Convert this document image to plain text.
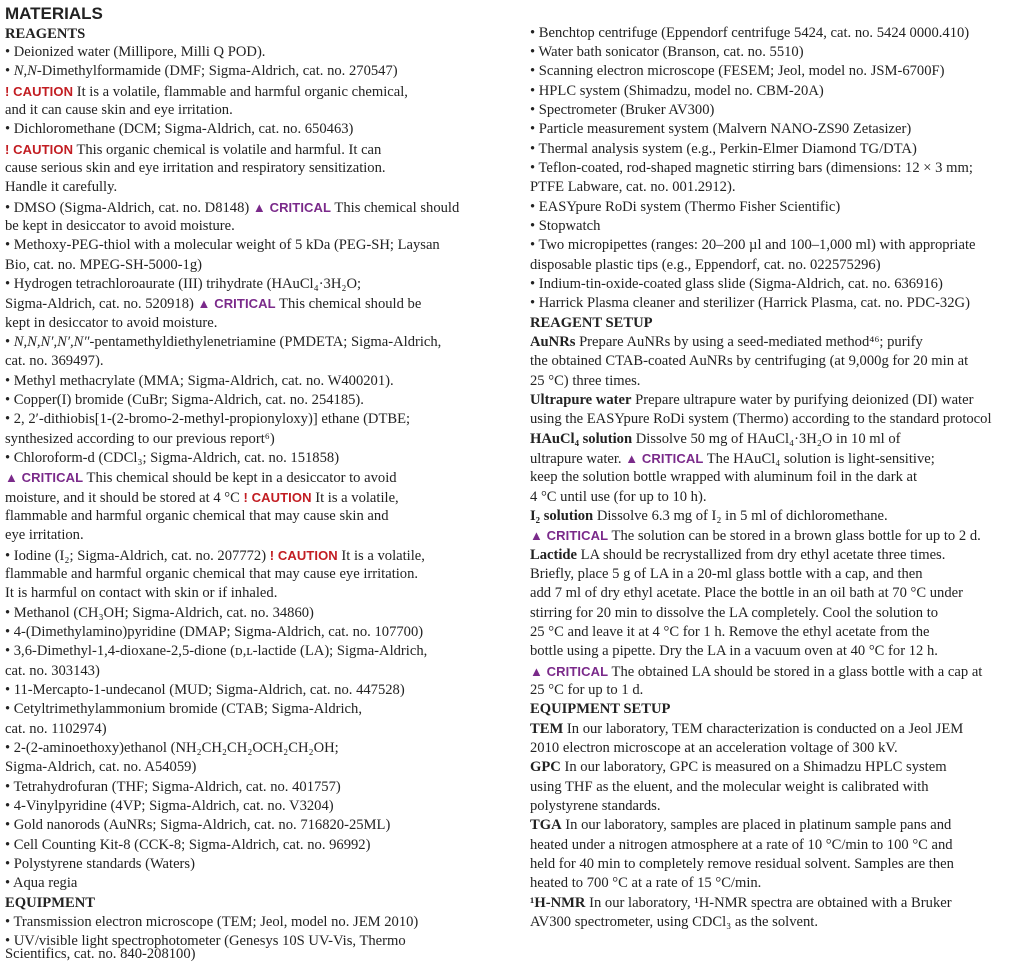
MATERIALS
REAGENTS
• Deionized water (Millipore, Milli Q POD).
• N,N-Dimethylformamide (DMF; Sigma-Aldrich, cat. no. 270547)
! CAUTION It is a volatile, flammable and harmful organic chemical,
and it can cause skin and eye irritation.
• Dichloromethane (DCM; Sigma-Aldrich, cat. no. 650463)
! CAUTION This organic chemical is volatile and harmful. It can
cause serious skin and eye irritation and respiratory sensitization.
Handle it carefully.
• DMSO (Sigma-Aldrich, cat. no. D8148) ▲ CRITICAL This chemical should
be kept in desiccator to avoid moisture.
• Methoxy-PEG-thiol with a molecular weight of 5 kDa (PEG-SH; Laysan
Bio, cat. no. MPEG-SH-5000-1g)
• Hydrogen tetrachloroaurate (III) trihydrate (HAuCl₄·3H₂O;
Sigma-Aldrich, cat. no. 520918) ▲ CRITICAL This chemical should be
kept in desiccator to avoid moisture.
• N,N,N′,N′,N″-pentamethyldiethylenetriamine (PMDETA; Sigma-Aldrich,
cat. no. 369497).
• Methyl methacrylate (MMA; Sigma-Aldrich, cat. no. W400201).
• Copper(I) bromide (CuBr; Sigma-Aldrich, cat. no. 254185).
• 2, 2′-dithiobis[1-(2-bromo-2-methyl-propionyloxy)] ethane (DTBE;
synthesized according to our previous report⁶)
• Chloroform-d (CDCl₃; Sigma-Aldrich, cat. no. 151858)
▲ CRITICAL This chemical should be kept in a desiccator to avoid
moisture, and it should be stored at 4 °C ! CAUTION It is a volatile,
flammable and harmful organic chemical that may cause skin and
eye irritation.
• Iodine (I₂; Sigma-Aldrich, cat. no. 207772) ! CAUTION It is a volatile,
flammable and harmful organic chemical that may cause eye irritation.
It is harmful on contact with skin or if inhaled.
• Methanol (CH₃OH; Sigma-Aldrich, cat. no. 34860)
• 4-(Dimethylamino)pyridine (DMAP; Sigma-Aldrich, cat. no. 107700)
• 3,6-Dimethyl-1,4-dioxane-2,5-dione (ᴅ,ʟ-lactide (LA); Sigma-Aldrich,
cat. no. 303143)
• 11-Mercapto-1-undecanol (MUD; Sigma-Aldrich, cat. no. 447528)
• Cetyltrimethylammonium bromide (CTAB; Sigma-Aldrich,
cat. no. 1102974)
• 2-(2-aminoethoxy)ethanol (NH₂CH₂CH₂OCH₂CH₂OH;
Sigma-Aldrich, cat. no. A54059)
• Tetrahydrofuran (THF; Sigma-Aldrich, cat. no. 401757)
• 4-Vinylpyridine (4VP; Sigma-Aldrich, cat. no. V3204)
• Gold nanorods (AuNRs; Sigma-Aldrich, cat. no. 716820-25ML)
• Cell Counting Kit-8 (CCK-8; Sigma-Aldrich, cat. no. 96992)
• Polystyrene standards (Waters)
• Aqua regia
EQUIPMENT
• Transmission electron microscope (TEM; Jeol, model no. JEM 2010)
• UV/visible light spectrophotometer (Genesys 10S UV-Vis, Thermo
Scientifics, cat. no. 840-208100)
• Benchtop centrifuge (Eppendorf centrifuge 5424, cat. no. 5424 0000.410)
• Water bath sonicator (Branson, cat. no. 5510)
• Scanning electron microscope (FESEM; Jeol, model no. JSM-6700F)
• HPLC system (Shimadzu, model no. CBM-20A)
• Spectrometer (Bruker AV300)
• Particle measurement system (Malvern NANO-ZS90 Zetasizer)
• Thermal analysis system (e.g., Perkin-Elmer Diamond TG/DTA)
• Teflon-coated, rod-shaped magnetic stirring bars (dimensions: 12 × 3 mm;
PTFE Labware, cat. no. 001.2912).
• EASYpure RoDi system (Thermo Fisher Scientific)
• Stopwatch
• Two micropipettes (ranges: 20–200 µl and 100–1,000 ml) with appropriate
disposable plastic tips (e.g., Eppendorf, cat. no. 022575296)
• Indium-tin-oxide-coated glass slide (Sigma-Aldrich, cat. no. 636916)
• Harrick Plasma cleaner and sterilizer (Harrick Plasma, cat. no. PDC-32G)
REAGENT SETUP
AuNRs Prepare AuNRs by using a seed-mediated method⁴⁶; purify
the obtained CTAB-coated AuNRs by centrifuging (at 9,000g for 20 min at
25 °C) three times.
Ultrapure water Prepare ultrapure water by purifying deionized (DI) water
using the EASYpure RoDi system (Thermo) according to the standard protocol
HAuCl₄ solution Dissolve 50 mg of HAuCl₄·3H₂O in 10 ml of
ultrapure water. ▲ CRITICAL The HAuCl₄ solution is light-sensitive;
keep the solution bottle wrapped with aluminum foil in the dark at
4 °C until use (for up to 10 h).
I₂ solution Dissolve 6.3 mg of I₂ in 5 ml of dichloromethane.
▲ CRITICAL The solution can be stored in a brown glass bottle for up to 2 d.
Lactide LA should be recrystallized from dry ethyl acetate three times.
Briefly, place 5 g of LA in a 20-ml glass bottle with a cap, and then
add 7 ml of dry ethyl acetate. Place the bottle in an oil bath at 70 °C under
stirring for 20 min to dissolve the LA completely. Cool the solution to
25 °C and leave it at 4 °C for 1 h. Remove the ethyl acetate from the
bottle using a pipette. Dry the LA in a vacuum oven at 40 °C for 12 h.
▲ CRITICAL The obtained LA should be stored in a glass bottle with a cap at
25 °C for up to 1 d.
EQUIPMENT SETUP
TEM In our laboratory, TEM characterization is conducted on a Jeol JEM
2010 electron microscope at an acceleration voltage of 300 kV.
GPC In our laboratory, GPC is measured on a Shimadzu HPLC system
using THF as the eluent, and the molecular weight is calibrated with
polystyrene standards.
TGA In our laboratory, samples are placed in platinum sample pans and
heated under a nitrogen atmosphere at a rate of 10 °C/min to 100 °C and
held for 40 min to completely remove residual solvent. Samples are then
heated to 700 °C at a rate of 15 °C/min.
¹H-NMR In our laboratory, ¹H-NMR spectra are obtained with a Bruker
AV300 spectrometer, using CDCl₃ as the solvent.
